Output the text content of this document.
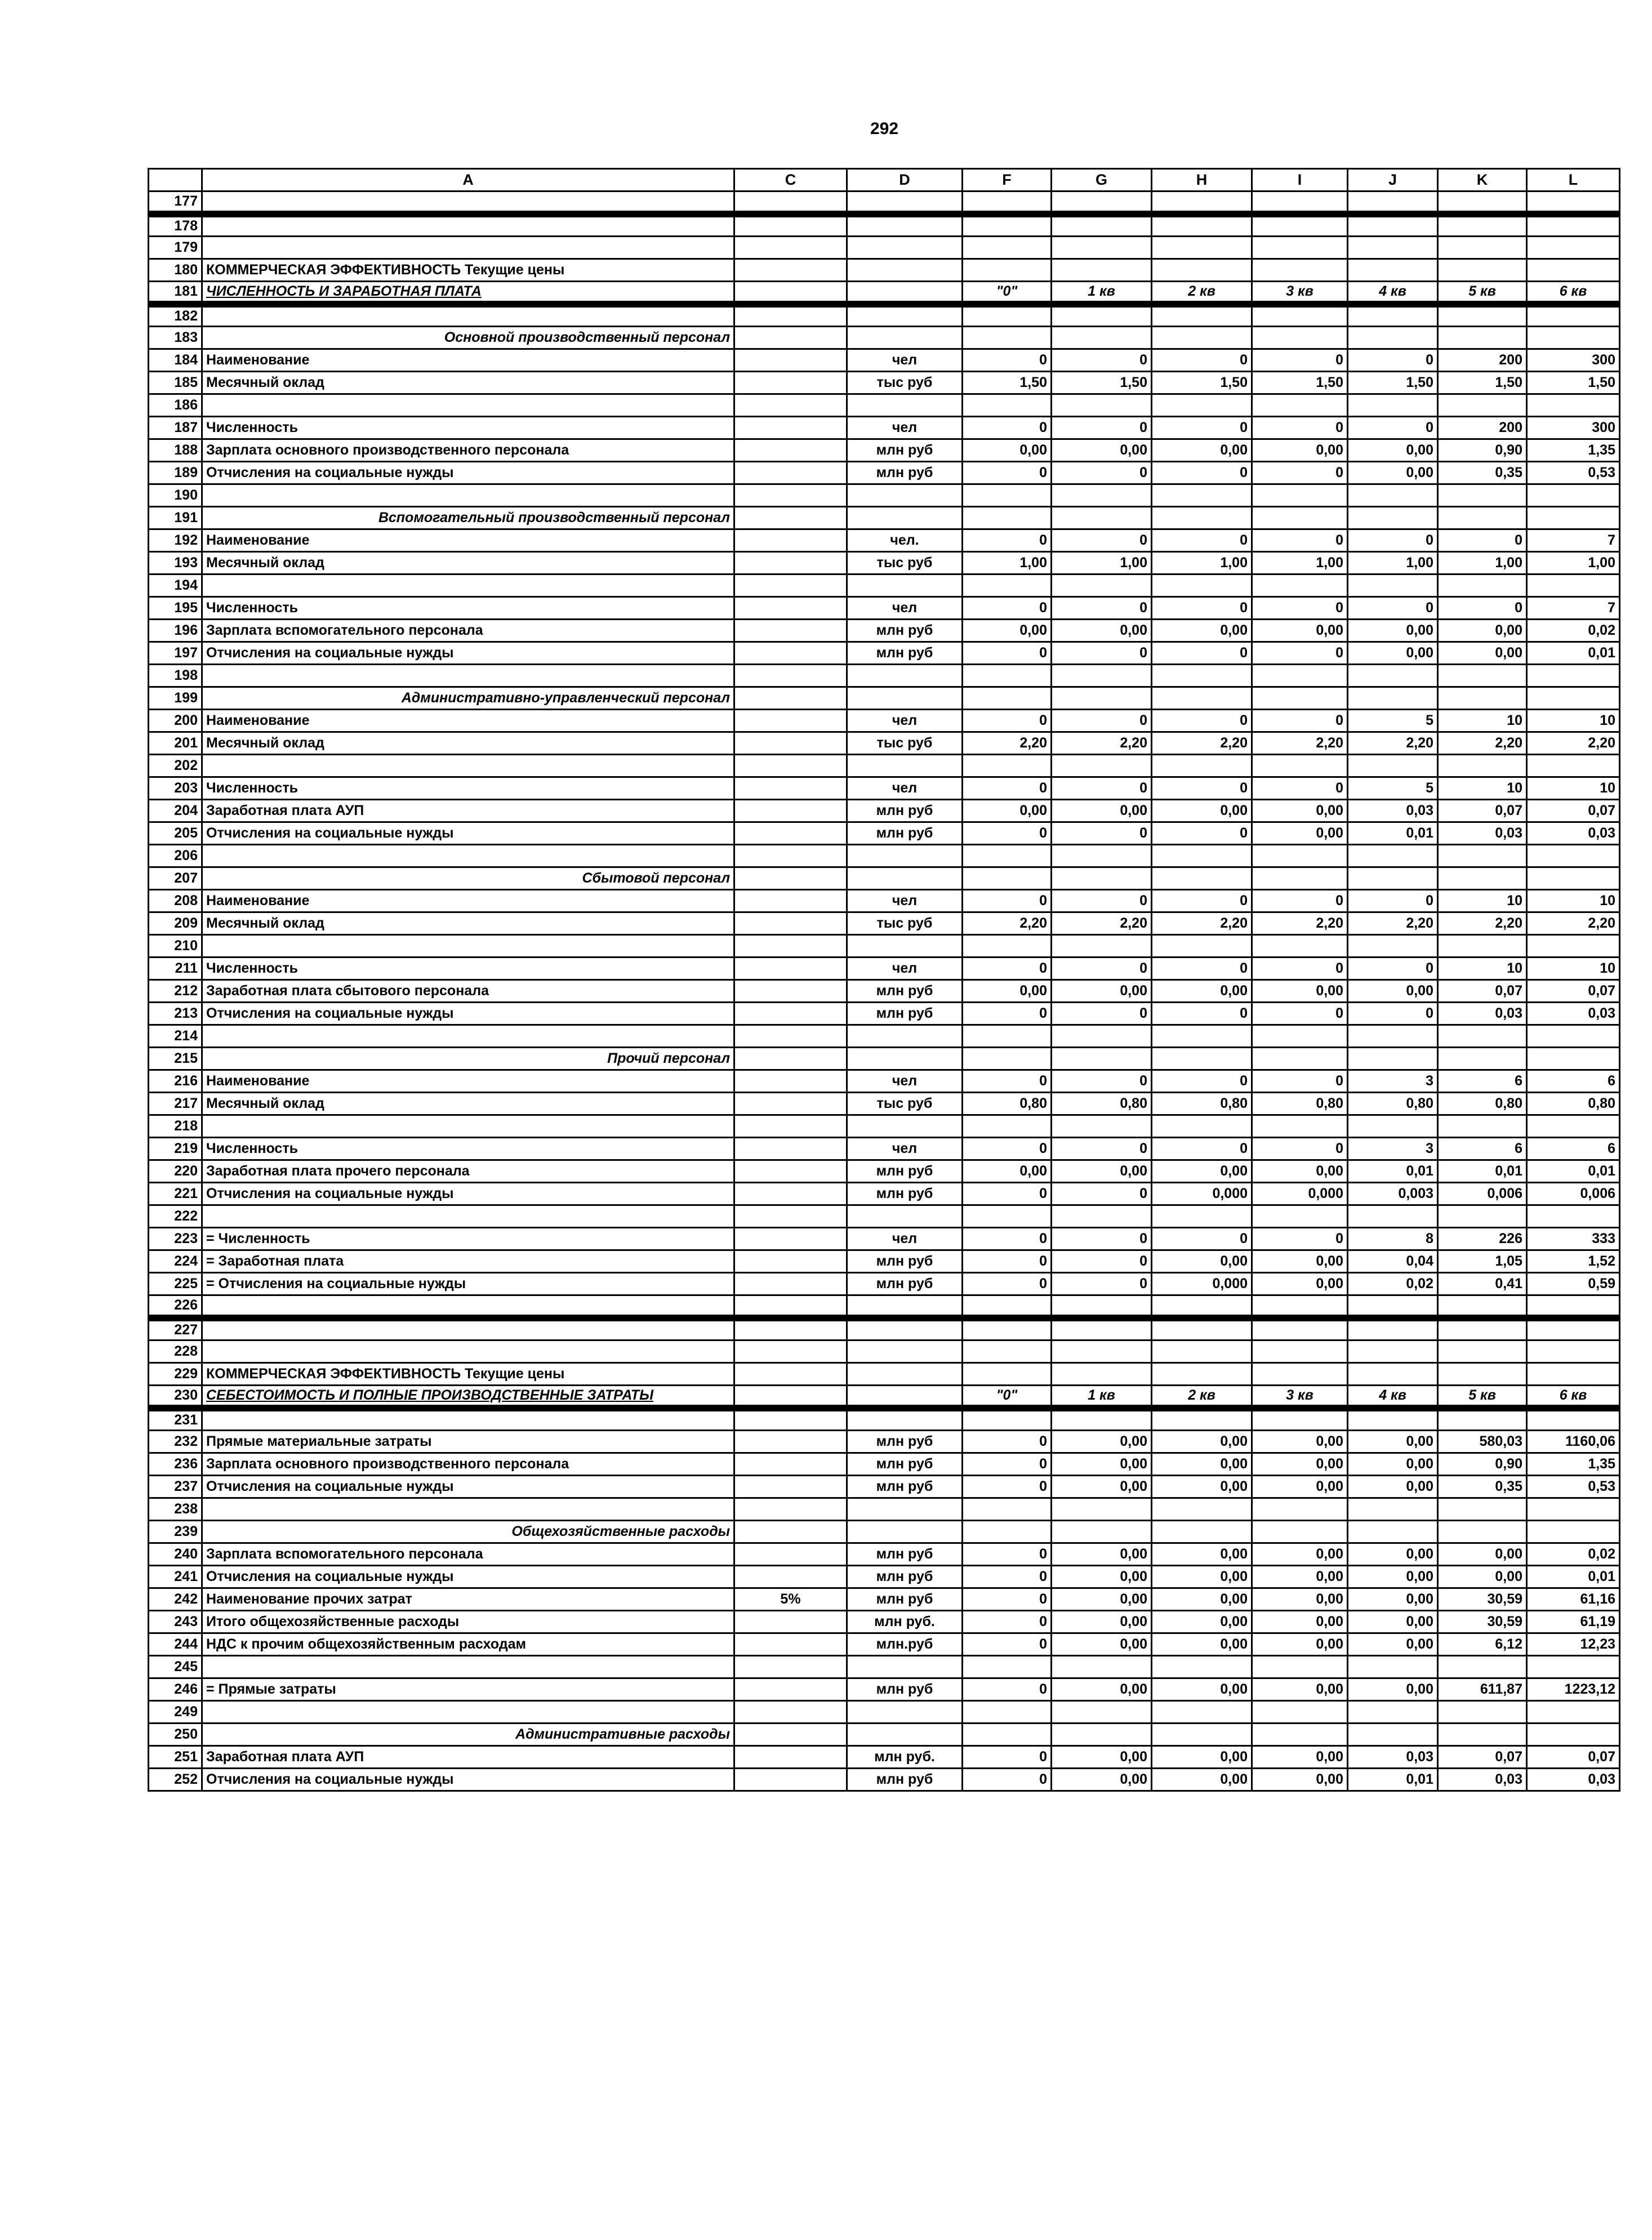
292
	A	C	D	F	G	H	I	J	K	L
177										
178										
179										
180	КОММЕРЧЕСКАЯ ЭФФЕКТИВНОСТЬ Текущие цены									
181	ЧИСЛЕННОСТЬ И ЗАРАБОТНАЯ ПЛАТА			"0"	1 кв	2 кв	3 кв	4 кв	5 кв	6 кв
182										
183	Основной производственный персонал									
184	Наименование		чел	0	0	0	0	0	200	300
185	Месячный оклад		тыс руб	1,50	1,50	1,50	1,50	1,50	1,50	1,50
186										
187	Численность		чел	0	0	0	0	0	200	300
188	Зарплата основного производственного персонала		млн руб	0,00	0,00	0,00	0,00	0,00	0,90	1,35
189	Отчисления на социальные нужды		млн руб	0	0	0	0	0,00	0,35	0,53
190										
191	Вспомогательный производственный персонал									
192	Наименование		чел.	0	0	0	0	0	0	7
193	Месячный оклад		тыс руб	1,00	1,00	1,00	1,00	1,00	1,00	1,00
194										
195	Численность		чел	0	0	0	0	0	0	7
196	Зарплата вспомогательного персонала		млн руб	0,00	0,00	0,00	0,00	0,00	0,00	0,02
197	Отчисления на социальные нужды		млн руб	0	0	0	0	0,00	0,00	0,01
198										
199	Административно-управленческий персонал									
200	Наименование		чел	0	0	0	0	5	10	10
201	Месячный оклад		тыс руб	2,20	2,20	2,20	2,20	2,20	2,20	2,20
202										
203	Численность		чел	0	0	0	0	5	10	10
204	Заработная плата АУП		млн руб	0,00	0,00	0,00	0,00	0,03	0,07	0,07
205	Отчисления на социальные нужды		млн руб	0	0	0	0,00	0,01	0,03	0,03
206										
207	Сбытовой персонал									
208	Наименование		чел	0	0	0	0	0	10	10
209	Месячный оклад		тыс руб	2,20	2,20	2,20	2,20	2,20	2,20	2,20
210										
211	Численность		чел	0	0	0	0	0	10	10
212	Заработная плата сбытового персонала		млн руб	0,00	0,00	0,00	0,00	0,00	0,07	0,07
213	Отчисления на социальные нужды		млн руб	0	0	0	0	0	0,03	0,03
214										
215	Прочий персонал									
216	Наименование		чел	0	0	0	0	3	6	6
217	Месячный оклад		тыс руб	0,80	0,80	0,80	0,80	0,80	0,80	0,80
218										
219	Численность		чел	0	0	0	0	3	6	6
220	Заработная плата прочего персонала		млн руб	0,00	0,00	0,00	0,00	0,01	0,01	0,01
221	Отчисления на социальные нужды		млн руб	0	0	0,000	0,000	0,003	0,006	0,006
222										
223	= Численность		чел	0	0	0	0	8	226	333
224	= Заработная плата		млн руб	0	0	0,00	0,00	0,04	1,05	1,52
225	= Отчисления на социальные нужды		млн руб	0	0	0,000	0,00	0,02	0,41	0,59
226										
227										
228										
229	КОММЕРЧЕСКАЯ ЭФФЕКТИВНОСТЬ Текущие цены									
230	СЕБЕСТОИМОСТЬ И ПОЛНЫЕ ПРОИЗВОДСТВЕННЫЕ ЗАТРАТЫ			"0"	1 кв	2 кв	3 кв	4 кв	5 кв	6 кв
231										
232	Прямые материальные затраты		млн руб	0	0,00	0,00	0,00	0,00	580,03	1160,06
236	Зарплата основного производственного персонала		млн руб	0	0,00	0,00	0,00	0,00	0,90	1,35
237	Отчисления на социальные нужды		млн руб	0	0,00	0,00	0,00	0,00	0,35	0,53
238										
239	Общехозяйственные расходы									
240	Зарплата вспомогательного персонала		млн руб	0	0,00	0,00	0,00	0,00	0,00	0,02
241	Отчисления на социальные нужды		млн руб	0	0,00	0,00	0,00	0,00	0,00	0,01
242	Наименование прочих затрат	5%	млн руб	0	0,00	0,00	0,00	0,00	30,59	61,16
243	Итого общехозяйственные расходы		млн руб.	0	0,00	0,00	0,00	0,00	30,59	61,19
244	НДС к прочим общехозяйственным расходам		млн.руб	0	0,00	0,00	0,00	0,00	6,12	12,23
245										
246	= Прямые затраты		млн руб	0	0,00	0,00	0,00	0,00	611,87	1223,12
249										
250	Административные расходы									
251	Заработная плата АУП		млн руб.	0	0,00	0,00	0,00	0,03	0,07	0,07
252	Отчисления на социальные нужды		млн руб	0	0,00	0,00	0,00	0,01	0,03	0,03
